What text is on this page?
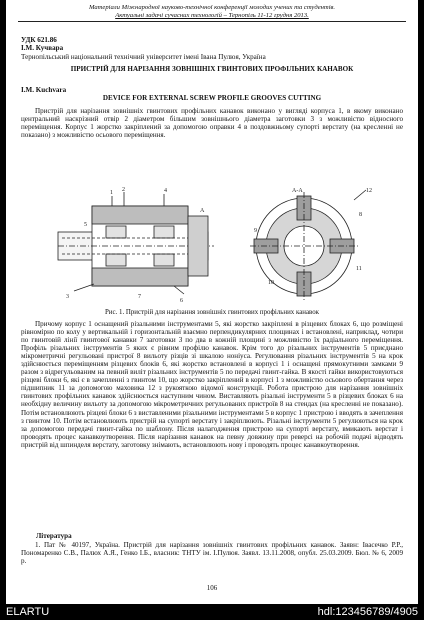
Матеріали Міжнародної науково-технічної конференції молодих учених та студентів.
Актуальні задачі сучасних технологій – Тернопіль 11-12 грудня 2013.
УДК 621.86
І.М. Кучвара
Тернопільський національний технічний університет імені Івана Пулюя, Україна
ПРИСТРІЙ ДЛЯ НАРІЗАННЯ ЗОВНІШНІХ ГВИНТОВИХ ПРОФІЛЬНИХ КАНАВОК
I.M. Kuchvara
DEVICE FOR EXTERNAL SCREW PROFILE GROOVES CUTTING
Пристрій для нарізання зовнішніх гвинтових профільних канавок виконано у вигляді корпуса 1, в якому виконано центральний наскрізний отвір 2 діаметром більшим зовнішнього діаметра заготовки 3 з можливістю відносного переміщення. Корпус 1 жорстко закріплений за допомогою оправки 4 в поздовжньому супорті верстату (на кресленні не показано) з можливістю осьового переміщення.
1 2
3
4
5
6
7
8
9
10
11
12
А-А
А
Рис. 1. Пристрій для нарізання зовнішніх гвинтових профільних канавок
Причому корпус 1 оснащений різальними інструментами 5, які жорстко закріплені в різцевих блоках 6, що розміщені рівномірно по колу у вертикальній і горизонтальній взаємно перпендикулярних площинах і встановлені, наприклад, чотири по гвинтовій лінії гвинтової канавки 7 заготовки 3 по два в кожній площині з можливістю їх радіального переміщення. Профіль різальних інструментів 5 яких є рівним профілю канавок. Крім того до різальних інструментів 5 приєднано мікрометричні регульовані пристрої 8 вильоту різців зі шкалою ноніуса. Регулювання різальних інструментів 5 на крок здійснюється переміщенням різцевих блоків 6, які жорстко встановлені в корпусі 1 і оснащені прямокутними замками 9 разом з відрегульованим на певний виліт різальних інструментів 5 по передачі гвинт-гайка. В якості гайки використовуються різцеві блоки 6, які є в зачепленні з гвинтом 10, що жорстко закріплений в корпусі 1 з можливістю осьового обертання через підшипник 11 за допомогою маховика 12 з рукояткою відомої конструкції. Робота пристрою для нарізання зовнішніх гвинтових профільних канавок здійснюється наступним чином. Виставляють різальні інструменти 5 в різцевих блоках 6 на необхідну величину вильоту за допомогою мікрометричних регульованих пристроїв 8 на стендах (на кресленні не показано). Потім встановлюють різцеві блоки 6 з виставленими різальними інструментами 5 в корпус 1 пристрою і вводять в зачеплення з гвинтом 10. Потім встановлюють пристрій на супорті верстату і закріплюють. Різальні інструменти 5 регулюються на крок за допомогою передачі гвинт-гайка по шаблону. Після налагодження пристрою на супорті верстату, вмикають верстат і проводять процес канавкоутворення. Після нарізання канавок на певну довжину при реверсі на робочій подачі відводять пристрій від шпинделя верстату, заготовку знімають, встановлюють нову і проводять процес канавкоутворення.
Література
1. Пат № 40197, Україна. Пристрій для нарізання зовнішніх гвинтових профільних канавок. Заявн: Івасечко Р.Р., Пономаренко С.В., Палюх А.Я., Генко І.Б., власник: ТНТУ ім. І.Пулюя. Заявл. 13.11.2008, опубл. 25.03.2009. Бюл. № 6, 2009 р.
106
ELARTU	hdl:123456789/4905
